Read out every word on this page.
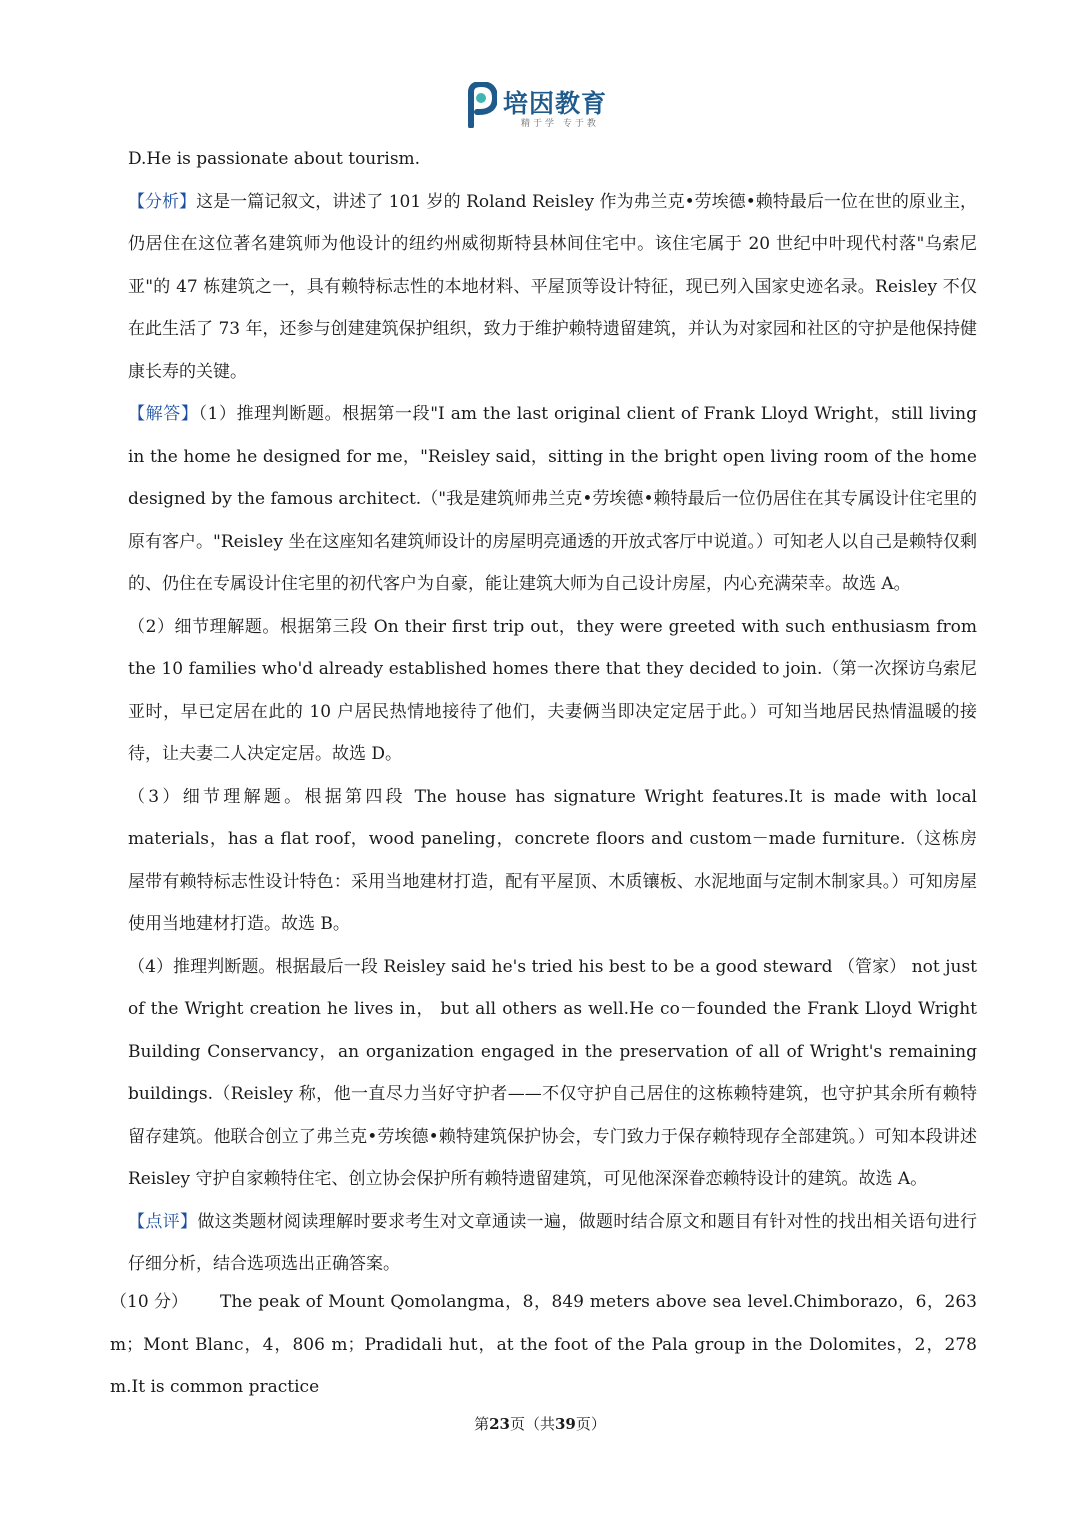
培因教育
精于学 专于教

D.He is passionate about tourism.

【分析】这是一篇记叙文，讲述了 101 岁的 Roland Reisley 作为弗兰克•劳埃德•赖特最后一位在世的原业主，仍居住在这位著名建筑师为他设计的纽约州威彻斯特县林间住宅中。该住宅属于 20 世纪中叶现代村落"乌索尼亚"的 47 栋建筑之一，具有赖特标志性的本地材料、平屋顶等设计特征，现已列入国家史迹名录。Reisley 不仅在此生活了 73 年，还参与创建建筑保护组织，致力于维护赖特遗留建筑，并认为对家园和社区的守护是他保持健康长寿的关键。

【解答】（1）推理判断题。根据第一段"I am the last original client of Frank Lloyd Wright，still living in the home he designed for me，"Reisley said，sitting in the bright open living room of the home designed by the famous architect.（"我是建筑师弗兰克•劳埃德•赖特最后一位仍居住在其专属设计住宅里的原有客户。"Reisley 坐在这座知名建筑师设计的房屋明亮通透的开放式客厅中说道。）可知老人以自己是赖特仅剩的、仍住在专属设计住宅里的初代客户为自豪，能让建筑大师为自己设计房屋，内心充满荣幸。故选 A。

（2）细节理解题。根据第三段 On their first trip out，they were greeted with such enthusiasm from the 10 families who'd already established homes there that they decided to join.（第一次探访乌索尼亚时，早已定居在此的 10 户居民热情地接待了他们，夫妻俩当即决定定居于此。）可知当地居民热情温暖的接待，让夫妻二人决定定居。故选 D。

（3）细节理解题。根据第四段 The house has signature Wright features.It is made with local materials，has a flat roof，wood paneling，concrete floors and custom－made furniture.（这栋房屋带有赖特标志性设计特色：采用当地建材打造，配有平屋顶、木质镶板、水泥地面与定制木制家具。）可知房屋使用当地建材打造。故选 B。

（4）推理判断题。根据最后一段 Reisley said he's tried his best to be a good steward （管家） not just of the Wright creation he lives in， but all others as well.He co－founded the Frank Lloyd Wright Building Conservancy，an organization engaged in the preservation of all of Wright's remaining buildings.（Reisley 称，他一直尽力当好守护者——不仅守护自己居住的这栋赖特建筑，也守护其余所有赖特留存建筑。他联合创立了弗兰克•劳埃德•赖特建筑保护协会，专门致力于保存赖特现存全部建筑。）可知本段讲述 Reisley 守护自家赖特住宅、创立协会保护所有赖特遗留建筑，可见他深深眷恋赖特设计的建筑。故选 A。

【点评】做这类题材阅读理解时要求考生对文章通读一遍，做题时结合原文和题目有针对性的找出相关语句进行仔细分析，结合选项选出正确答案。

（10 分） The peak of Mount Qomolangma，8，849 meters above sea level.Chimborazo，6，263 m；Mont Blanc，4，806 m；Pradidali hut，at the foot of the Pala group in the Dolomites，2，278 m.It is common practice
第23页（共39页）
